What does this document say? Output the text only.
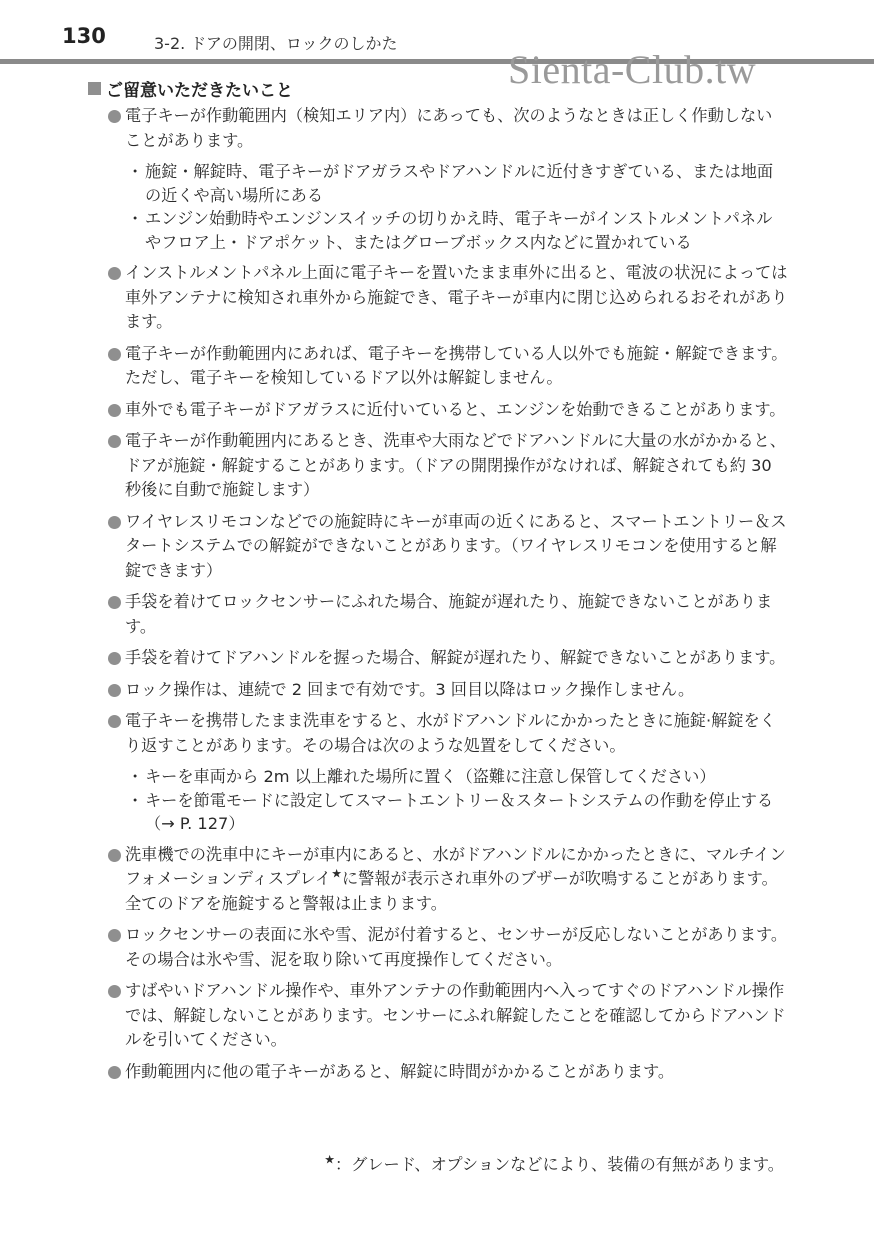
130	3-2. ドアの開閉、ロックのしかた
Sienta-Club.tw
ご留意いただきたいこと
電子キーが作動範囲内（検知エリア内）にあっても、次のようなときは正しく作動しないことがあります。
・ 施錠・解錠時、電子キーがドアガラスやドアハンドルに近付きすぎている、または地面の近くや高い場所にある
・ エンジン始動時やエンジンスイッチの切りかえ時、電子キーがインストルメントパネルやフロア上・ドアポケット、またはグローブボックス内などに置かれている
インストルメントパネル上面に電子キーを置いたまま車外に出ると、電波の状況によっては車外アンテナに検知され車外から施錠でき、電子キーが車内に閉じ込められるおそれがあります。
電子キーが作動範囲内にあれば、電子キーを携帯している人以外でも施錠・解錠できます。ただし、電子キーを検知しているドア以外は解錠しません。
車外でも電子キーがドアガラスに近付いていると、エンジンを始動できることがあります。
電子キーが作動範囲内にあるとき、洗車や大雨などでドアハンドルに大量の水がかかると、ドアが施錠・解錠することがあります。（ドアの開閉操作がなければ、解錠されても約 30 秒後に自動で施錠します）
ワイヤレスリモコンなどでの施錠時にキーが車両の近くにあると、スマートエントリー＆スタートシステムでの解錠ができないことがあります。（ワイヤレスリモコンを使用すると解錠できます）
手袋を着けてロックセンサーにふれた場合、施錠が遅れたり、施錠できないことがあります。
手袋を着けてドアハンドルを握った場合、解錠が遅れたり、解錠できないことがあります。
ロック操作は、連続で 2 回まで有効です。3 回目以降はロック操作しません。
電子キーを携帯したまま洗車をすると、水がドアハンドルにかかったときに施錠·解錠をくり返すことがあります。その場合は次のような処置をしてください。
・ キーを車両から 2m 以上離れた場所に置く（盗難に注意し保管してください）
・ キーを節電モードに設定してスマートエントリー＆スタートシステムの作動を停止する（→ P. 127）
洗車機での洗車中にキーが車内にあると、水がドアハンドルにかかったときに、マルチインフォメーションディスプレイ★に警報が表示され車外のブザーが吹鳴することがあります。全てのドアを施錠すると警報は止まります。
ロックセンサーの表面に氷や雪、泥が付着すると、センサーが反応しないことがあります。その場合は氷や雪、泥を取り除いて再度操作してください。
すばやいドアハンドル操作や、車外アンテナの作動範囲内へ入ってすぐのドアハンドル操作では、解錠しないことがあります。センサーにふれ解錠したことを確認してからドアハンドルを引いてください。
作動範囲内に他の電子キーがあると、解錠に時間がかかることがあります。
★：グレード、オプションなどにより、装備の有無があります。
